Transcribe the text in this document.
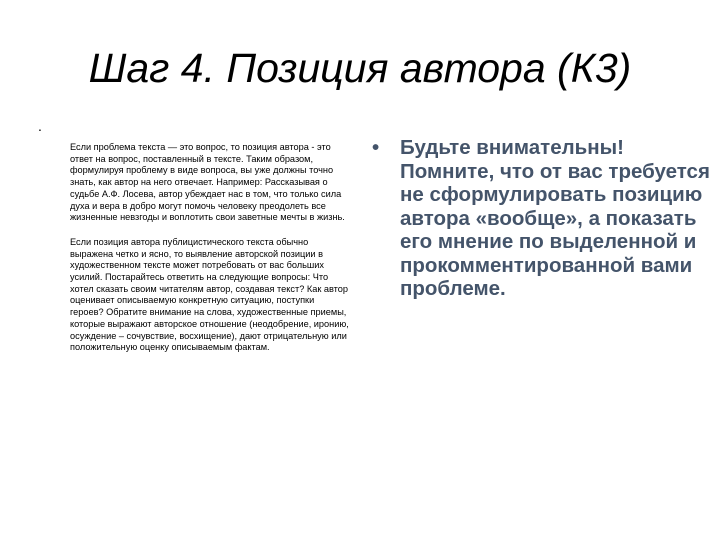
Шаг 4. Позиция автора (К3)
.

Если проблема текста — это вопрос, то позиция автора - это ответ на вопрос, поставленный в тексте. Таким образом, формулируя проблему в виде вопроса, вы уже должны точно знать, как автор на него отвечает. Например: Рассказывая о судьбе А.Ф. Лосева, автор убеждает нас в том, что только сила духа и вера в добро могут помочь человеку преодолеть все жизненные невзгоды и воплотить свои заветные мечты в жизнь.

Если позиция автора публицистического текста обычно выражена четко и ясно, то выявление авторской позиции в художественном тексте может потребовать от вас больших усилий. Постарайтесь ответить на следующие вопросы: Что хотел сказать своим читателям автор, создавая текст? Как автор оценивает описываемую конкретную ситуацию, поступки героев? Обратите внимание на слова, художественные приемы, которые выражают авторское отношение (неодобрение, иронию, осуждение – сочувствие, восхищение), дают отрицательную или положительную оценку описываемым фактам.

• Будьте внимательны! Помните, что от вас требуется не сформулировать позицию автора «вообще», а показать его мнение по выделенной и прокомментированной вами проблеме.
